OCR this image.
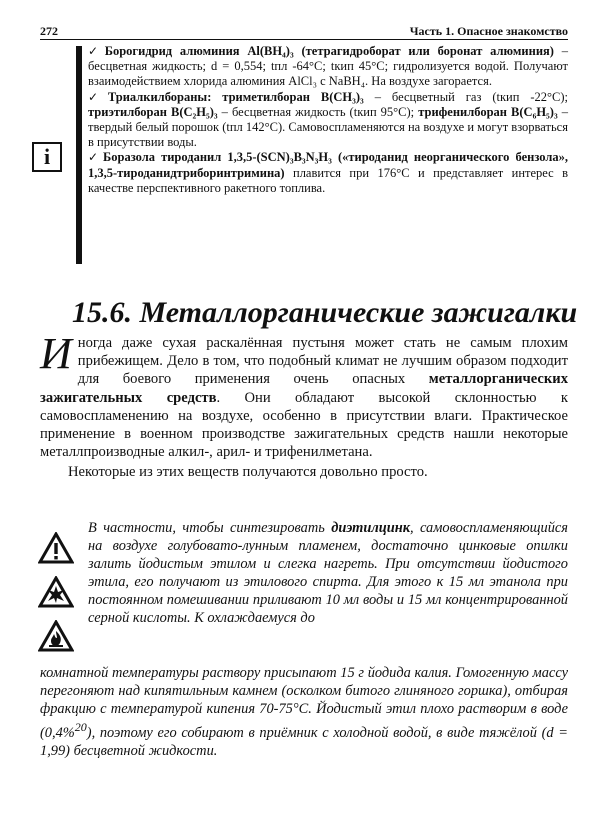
272	Часть 1. Опасное знакомство
i

✓ Борогидрид алюминия Al(BH₄)₃ (тетрагидроборат или боронат алюминия) – бесцветная жидкость; d = 0,554; tпл -64°С; tкип 45°С; гидролизуется водой. Получают взаимодействием хлорида алюминия AlCl₃ с NaBH₄. На воздухе загорается.

✓ Триалкилбораны: триметилборан B(CH₃)₃ – бесцветный газ (tкип -22°С); триэтилборан B(C₂H₅)₃ – бесцветная жидкость (tкип 95°С); трифенилборан B(C₆H₅)₃ – твердый белый порошок (tпл 142°С). Самовоспламеняются на воздухе и могут взорваться в присутствии воды.

✓ Боразола тироданил 1,3,5-(SCN)₃B₃N₃H₃ («тироданид неорганического бензола», 1,3,5-тироданидтриборинтримина) плавится при 176°С и представляет интерес в качестве перспективного ракетного топлива.

15.6. Металлорганические зажигалки

Иногда даже сухая раскалённая пустыня может стать не самым плохим прибежищем. Дело в том, что подобный климат не лучшим образом подходит для боевого применения очень опасных металлорганических зажигательных средств. Они обладают высокой склонностью к самовоспламенению на воздухе, особенно в присутствии влаги. Практическое применение в военном производстве зажигательных средств нашли некоторые металлпроизводные алкил-, арил- и трифенилметана.

Некоторые из этих веществ получаются довольно просто.

В частности, чтобы синтезировать диэтилцинк, самовоспламеняющийся на воздухе голубовато-лунным пламенем, достаточно цинковые опилки залить йодистым этилом и слегка нагреть. При отсутствии йодистого этила, его получают из этилового спирта. Для этого к 15 мл этанола при постоянном помешивании приливают 10 мл воды и 15 мл концентрированной серной кислоты. К охлаждаемуся до
комнатной температуры раствору присыпают 15 г йодида калия. Гомогенную массу перегоняют над кипятильным камнем (осколком битого глиняного горшка), отбирая фракцию с температурой кипения 70-75°С. Йодистый этил плохо растворим в воде (0,4%$^{20}$), поэтому его собирают в приёмник с холодной водой, в виде тяжёлой (d = 1,99) бесцветной жидкости.
